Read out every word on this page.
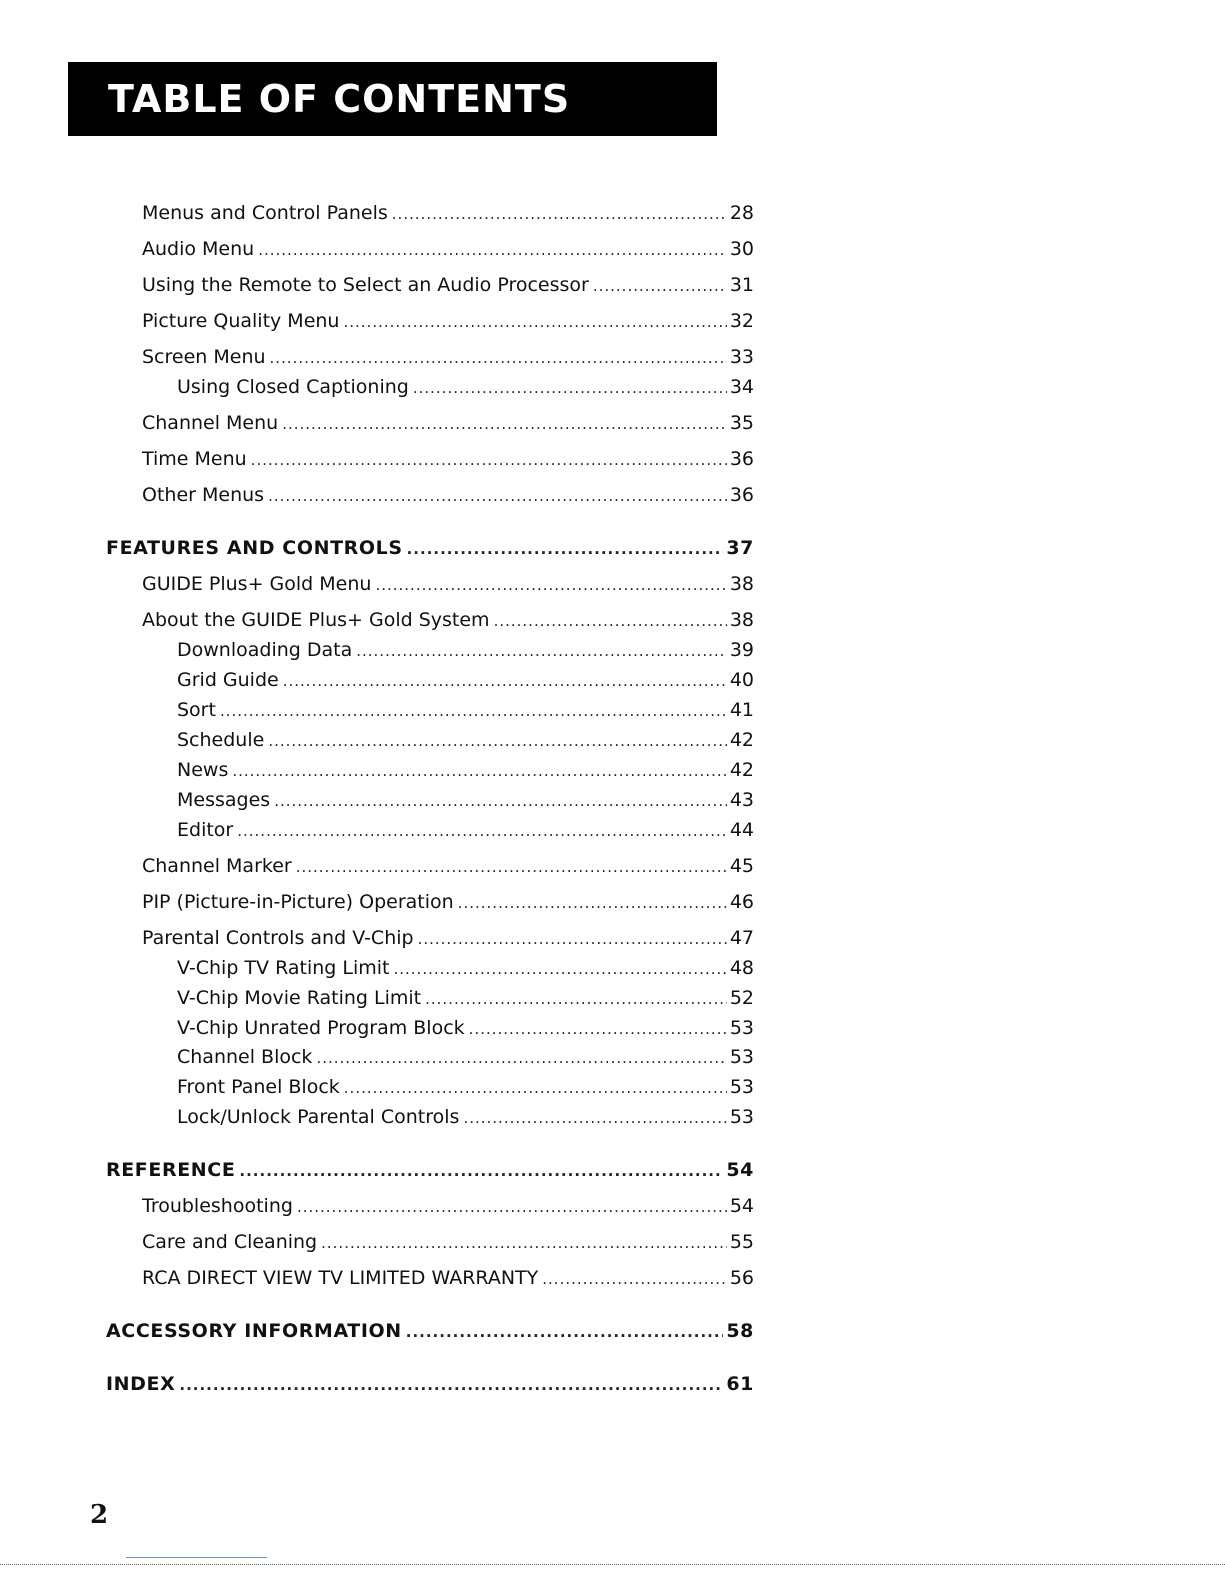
TABLE OF CONTENTS
Menus and Control Panels .....	28
Audio Menu .....	30
Using the Remote to Select an Audio Processor .....	31
Picture Quality Menu .....	32
Screen Menu .....	33
Using Closed Captioning .....	34
Channel Menu .....	35
Time Menu .....	36
Other Menus .....	36
FEATURES AND CONTROLS .....	37
GUIDE Plus+ Gold Menu .....	38
About the GUIDE Plus+ Gold System .....	38
Downloading Data .....	39
Grid Guide .....	40
Sort .....	41
Schedule .....	42
News .....	42
Messages .....	43
Editor .....	44
Channel Marker .....	45
PIP (Picture-in-Picture) Operation .....	46
Parental Controls and V-Chip .....	47
V-Chip TV Rating Limit .....	48
V-Chip Movie Rating Limit .....	52
V-Chip Unrated Program Block .....	53
Channel Block .....	53
Front Panel Block .....	53
Lock/Unlock Parental Controls .....	53
REFERENCE .....	54
Troubleshooting .....	54
Care and Cleaning .....	55
RCA DIRECT VIEW TV LIMITED WARRANTY .....	56
ACCESSORY INFORMATION .....	58
INDEX .....	61
2
